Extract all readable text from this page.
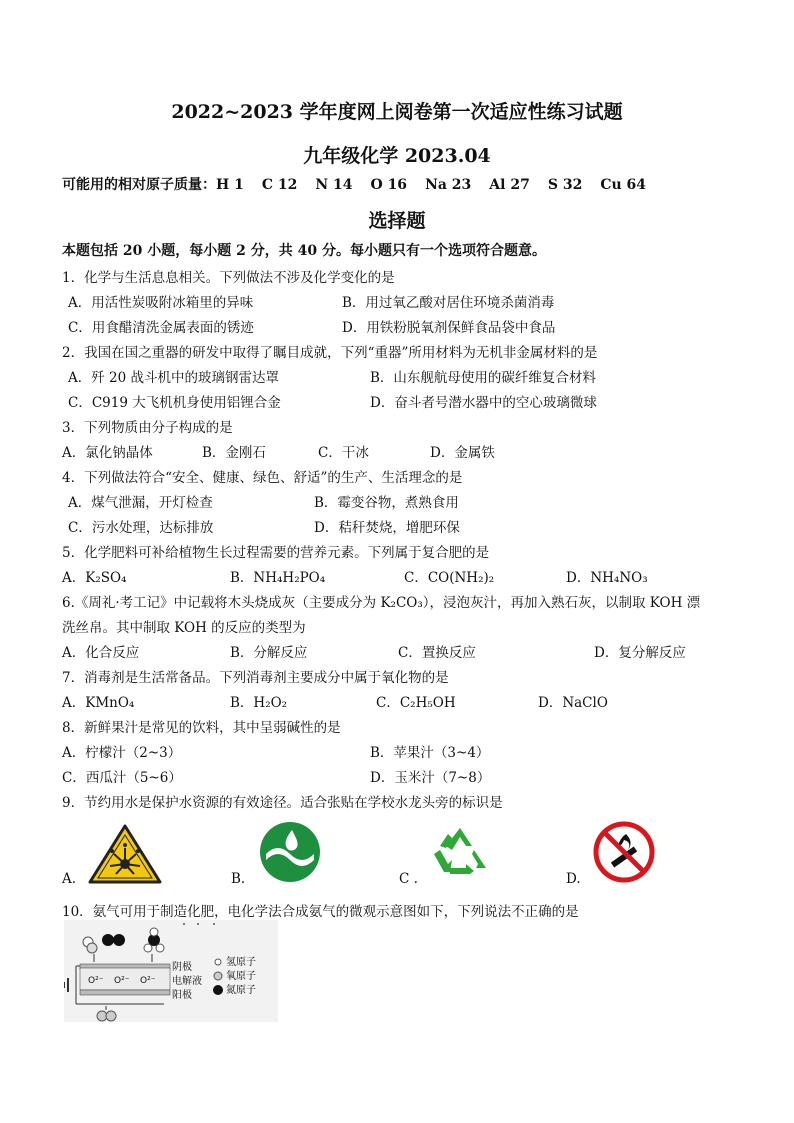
2022~2023 学年度网上阅卷第一次适应性练习试题
九年级化学 2023.04
可能用的相对原子质量：H 1 C 12 N 14 O 16 Na 23 Al 27 S 32 Cu 64
选择题
本题包括 20 小题，每小题 2 分，共 40 分。每小题只有一个选项符合题意。
1．化学与生活息息相关。下列做法不涉及化学变化的是
A．用活性炭吸附冰箱里的异味	B．用过氧乙酸对居住环境杀菌消毒
C．用食醋清洗金属表面的锈迹	D．用铁粉脱氧剂保鲜食品袋中食品
2．我国在国之重器的研发中取得了瞩目成就，下列“重器”所用材料为无机非金属材料的是
A．歼 20 战斗机中的玻璃钢雷达罩	B．山东舰航母使用的碳纤维复合材料
C．C919 大飞机机身使用铝锂合金	D．奋斗者号潜水器中的空心玻璃微球
3．下列物质由分子构成的是
A．氯化钠晶体	B．金刚石	C．干冰	D．金属铁
4．下列做法符合“安全、健康、绿色、舒适”的生产、生活理念的是
A．煤气泄漏，开灯检查	B．霉变谷物，煮熟食用
C．污水处理，达标排放	D．秸秆焚烧，增肥环保
5．化学肥料可补给植物生长过程需要的营养元素。下列属于复合肥的是
A．K₂SO₄	B．NH₄H₂PO₄	C．CO(NH₂)₂	D．NH₄NO₃
6.《周礼·考工记》中记载将木头烧成灰（主要成分为 K₂CO₃），浸泡灰汁，再加入熟石灰，以制取 KOH 漂
洗丝帛。其中制取 KOH 的反应的类型为
A．化合反应	B．分解反应	C．置换反应	D．复分解反应
7．消毒剂是生活常备品。下列消毒剂主要成分中属于氧化物的是
A．KMnO₄	B．H₂O₂	C．C₂H₅OH	D．NaClO
8．新鲜果汁是常见的饮料，其中呈弱碱性的是
A．柠檬汁（2~3）	B．苹果汁（3~4）
C．西瓜汁（5~6）	D．玉米汁（7~8）
9．节约用水是保护水资源的有效途径。适合张贴在学校水龙头旁的标识是
A.	B.	C .	D.
10．氨气可用于制造化肥，电化学法合成氨气的微观示意图如下，下列说法不正确的是
O²⁻ O²⁻ O²⁻
阴极
电解液
阳极
氢原子
氧原子
氮原子
